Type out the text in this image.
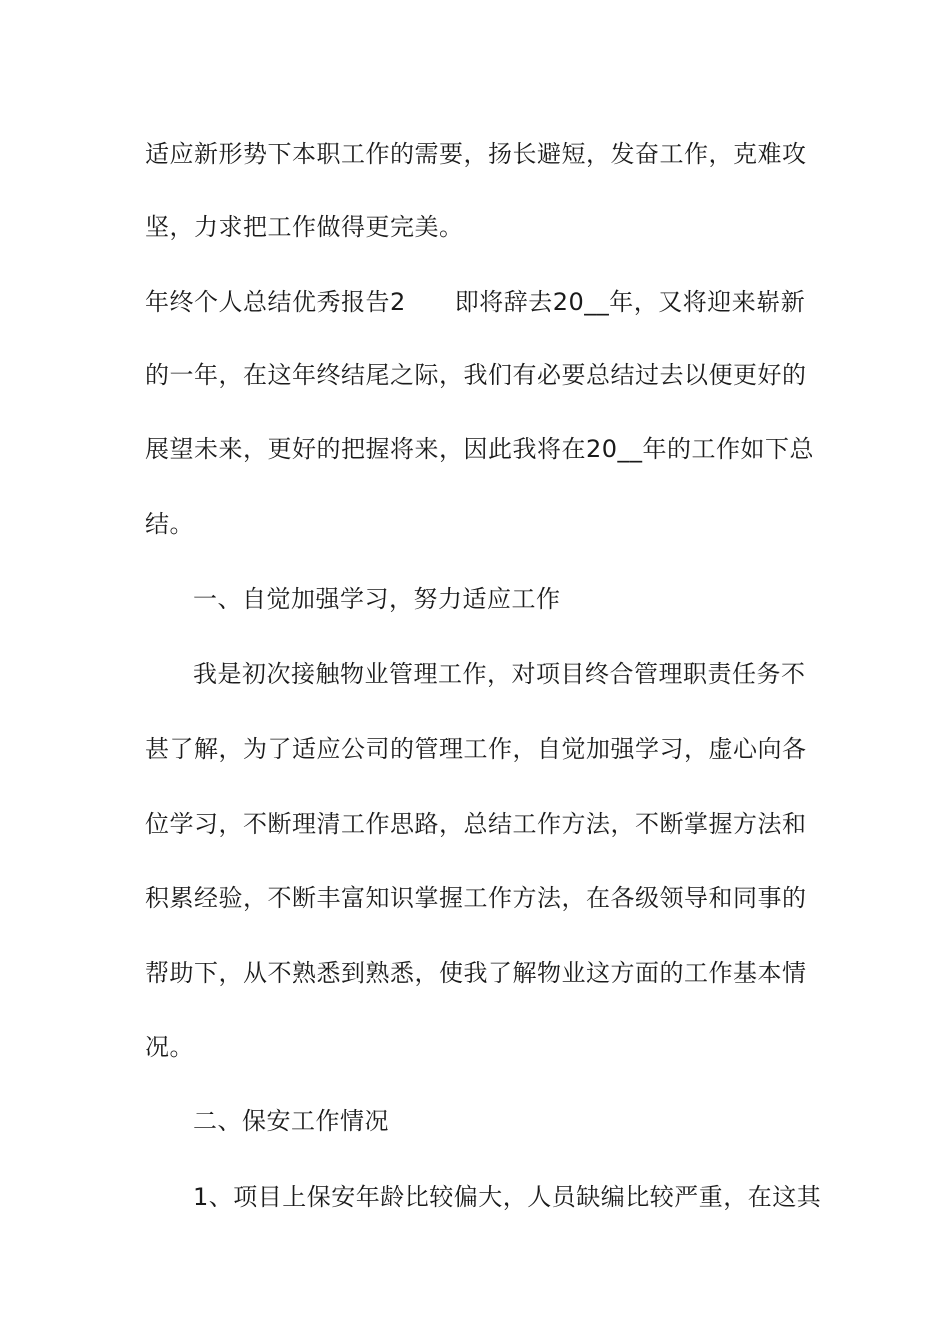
适应新形势下本职工作的需要，扬长避短，发奋工作，克难攻
坚，力求把工作做得更完美。
年终个人总结优秀报告2　　即将辞去20__年，又将迎来崭新
的一年，在这年终结尾之际，我们有必要总结过去以便更好的
展望未来，更好的把握将来，因此我将在20__年的工作如下总
结。
一、自觉加强学习，努力适应工作
我是初次接触物业管理工作，对项目终合管理职责任务不
甚了解，为了适应公司的管理工作，自觉加强学习，虚心向各
位学习，不断理清工作思路，总结工作方法，不断掌握方法和
积累经验，不断丰富知识掌握工作方法，在各级领导和同事的
帮助下，从不熟悉到熟悉，使我了解物业这方面的工作基本情
况。
二、保安工作情况
1、项目上保安年龄比较偏大，人员缺编比较严重，在这其
